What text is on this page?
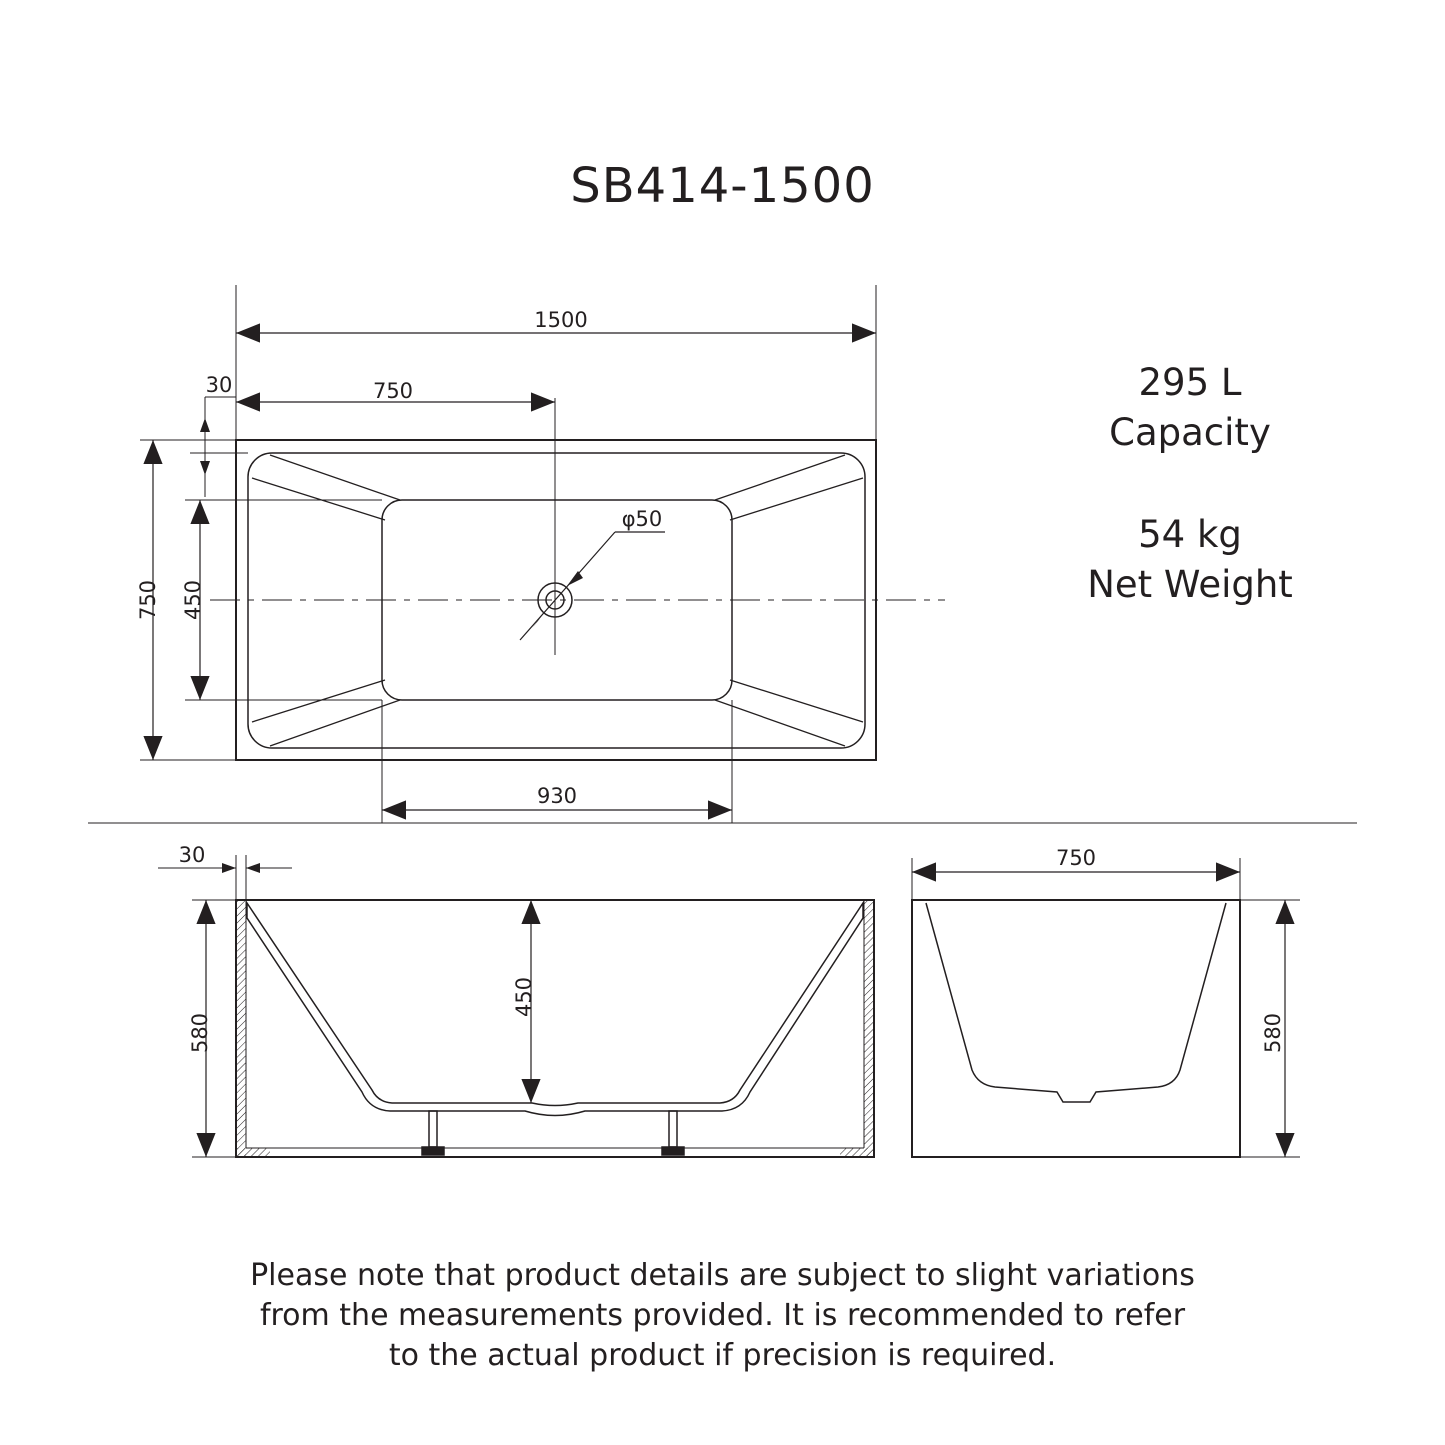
SB414-1500
295 L
Capacity
54 kg
Net Weight
1500
750
30
750 450
φ50
930
30
580
450
750
580
Please note that product details are subject to slight variations
from the measurements provided. It is recommended to refer
to the actual product if precision is required.
